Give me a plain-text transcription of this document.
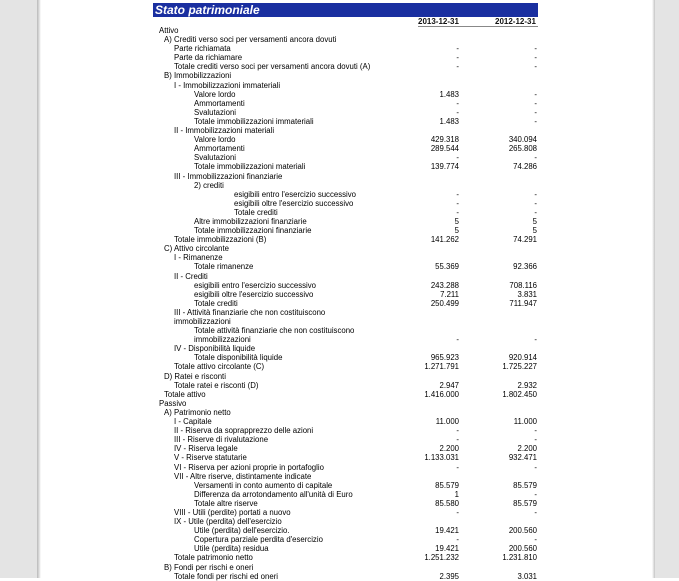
Stato patrimoniale
2013-12-31	2012-12-31
Attivo
A) Crediti verso soci per versamenti ancora dovuti
Parte richiamata	-	-
Parte da richiamare	-	-
Totale crediti verso soci per versamenti ancora dovuti (A)	-	-
B) Immobilizzazioni
I - Immobilizzazioni immateriali
Valore lordo	1.483	-
Ammortamenti	-	-
Svalutazioni	-	-
Totale immobilizzazioni immateriali	1.483	-
II - Immobilizzazioni materiali
Valore lordo	429.318	340.094
Ammortamenti	289.544	265.808
Svalutazioni	-	-
Totale immobilizzazioni materiali	139.774	74.286
III - Immobilizzazioni finanziarie
2) crediti
esigibili entro l'esercizio successivo	-	-
esigibili oltre l'esercizio successivo	-	-
Totale crediti	-	-
Altre immobilizzazioni finanziarie	5	5
Totale immobilizzazioni finanziarie	5	5
Totale immobilizzazioni (B)	141.262	74.291
C) Attivo circolante
I - Rimanenze
Totale rimanenze	55.369	92.366
II - Crediti
esigibili entro l'esercizio successivo	243.288	708.116
esigibili oltre l'esercizio successivo	7.211	3.831
Totale crediti	250.499	711.947
III - Attività finanziarie che non costituiscono immobilizzazioni
Totale attività finanziarie che non costituiscono immobilizzazioni	-	-
IV - Disponibilità liquide
Totale disponibilità liquide	965.923	920.914
Totale attivo circolante (C)	1.271.791	1.725.227
D) Ratei e risconti
Totale ratei e risconti (D)	2.947	2.932
Totale attivo	1.416.000	1.802.450
Passivo
A) Patrimonio netto
I - Capitale	11.000	11.000
II - Riserva da soprapprezzo delle azioni	-	-
III - Riserve di rivalutazione	-	-
IV - Riserva legale	2.200	2.200
V - Riserve statutarie	1.133.031	932.471
VI - Riserva per azioni proprie in portafoglio	-	-
VII - Altre riserve, distintamente indicate
Versamenti in conto aumento di capitale	85.579	85.579
Differenza da arrotondamento all'unità di Euro	1	-
Totale altre riserve	85.580	85.579
VIII - Utili (perdite) portati a nuovo	-	-
IX - Utile (perdita) dell'esercizio
Utile (perdita) dell'esercizio.	19.421	200.560
Copertura parziale perdita d'esercizio	-	-
Utile (perdita) residua	19.421	200.560
Totale patrimonio netto	1.251.232	1.231.810
B) Fondi per rischi e oneri
Totale fondi per rischi ed oneri	2.395	3.031
